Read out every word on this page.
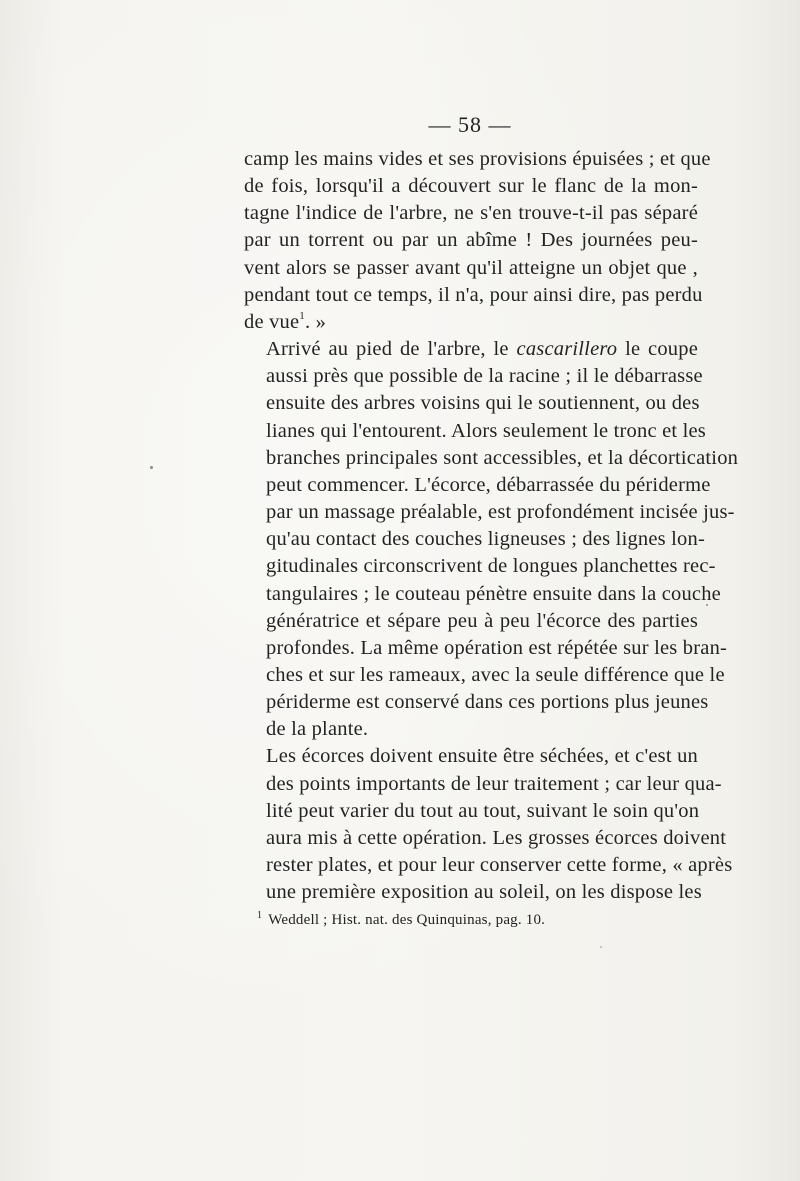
— 58 —

camp les mains vides et ses provisions épuisées ; et que
de fois, lorsqu'il a découvert sur le flanc de la mon-
tagne l'indice de l'arbre, ne s'en trouve-t-il pas séparé
par un torrent ou par un abîme ! Des journées peu-
vent alors se passer avant qu'il atteigne un objet que ,
pendant tout ce temps, il n'a, pour ainsi dire, pas perdu
de vue$^1$. »

Arrivé au pied de l'arbre, le cascarillero le coupe
aussi près que possible de la racine ; il le débarrasse
ensuite des arbres voisins qui le soutiennent, ou des
lianes qui l'entourent. Alors seulement le tronc et les
branches principales sont accessibles, et la décortication
peut commencer. L'écorce, débarrassée du périderme
par un massage préalable, est profondément incisée jus-
qu'au contact des couches ligneuses ; des lignes lon-
gitudinales circonscrivent de longues planchettes rec-
tangulaires ; le couteau pénètre ensuite dans la couche
génératrice et sépare peu à peu l'écorce des parties
profondes. La même opération est répétée sur les bran-
ches et sur les rameaux, avec la seule différence que le
périderme est conservé dans ces portions plus jeunes
de la plante.

Les écorces doivent ensuite être séchées, et c'est un
des points importants de leur traitement ; car leur qua-
lité peut varier du tout au tout, suivant le soin qu'on
aura mis à cette opération. Les grosses écorces doivent
rester plates, et pour leur conserver cette forme, « après
une première exposition au soleil, on les dispose les

$^1$ Weddell ; Hist. nat. des Quinquinas, pag. 10.
